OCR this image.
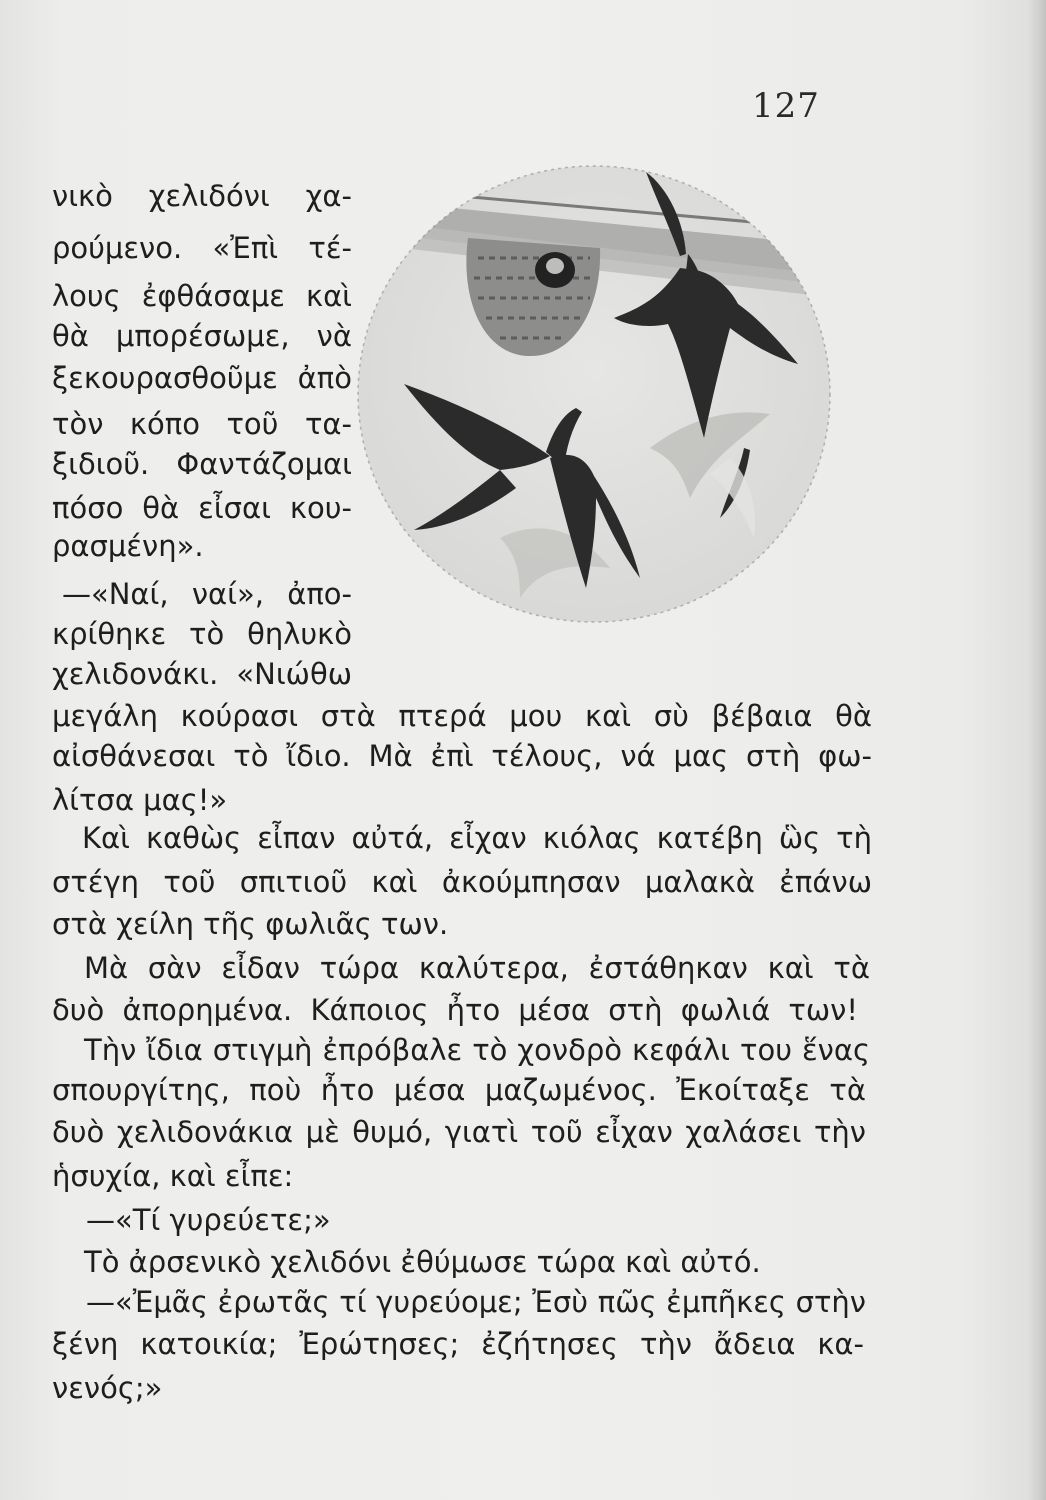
127
νικὸ χελιδόνι χα-
ρούμενο. «Ἐπὶ τέ-
λους ἐφθάσαμε καὶ
θὰ μπορέσωμε, νὰ
ξεκουρασθοῦμε ἀπὸ
τὸν κόπο τοῦ τα-
ξιδιοῦ. Φαντάζομαι
πόσο θὰ εἶσαι κου-
ρασμένη».
—«Ναί, ναί», ἀπο-
κρίθηκε τὸ θηλυκὸ
χελιδονάκι. «Νιώθω
μεγάλη κούρασι στὰ πτερά μου καὶ σὺ βέβαια θὰ
αἰσθάνεσαι τὸ ἴδιο. Μὰ ἐπὶ τέλους, νά μας στὴ φω-
λίτσα μας!»
Καὶ καθὼς εἶπαν αὐτά, εἶχαν κιόλας κατέβη ὣς τὴ
στέγη τοῦ σπιτιοῦ καὶ ἀκούμπησαν μαλακὰ ἐπάνω
στὰ χείλη τῆς φωλιᾶς των.
Μὰ σὰν εἶδαν τώρα καλύτερα, ἐστάθηκαν καὶ τὰ
δυὸ ἀπορημένα. Κάποιος ἦτο μέσα στὴ φωλιά των!
Τὴν ἴδια στιγμὴ ἐπρόβαλε τὸ χονδρὸ κεφάλι του ἕνας
σπουργίτης, ποὺ ἦτο μέσα μαζωμένος. Ἐκοίταξε τὰ
δυὸ χελιδονάκια μὲ θυμό, γιατὶ τοῦ εἶχαν χαλάσει τὴν
ἡσυχία, καὶ εἶπε:
—«Τί γυρεύετε;»
Τὸ ἀρσενικὸ χελιδόνι ἐθύμωσε τώρα καὶ αὐτό.
—«Ἐμᾶς ἐρωτᾶς τί γυρεύομε; Ἐσὺ πῶς ἐμπῆκες στὴν
ξένη κατοικία; Ἐρώτησες; ἐζήτησες τὴν ἄδεια κα-
νενός;»
